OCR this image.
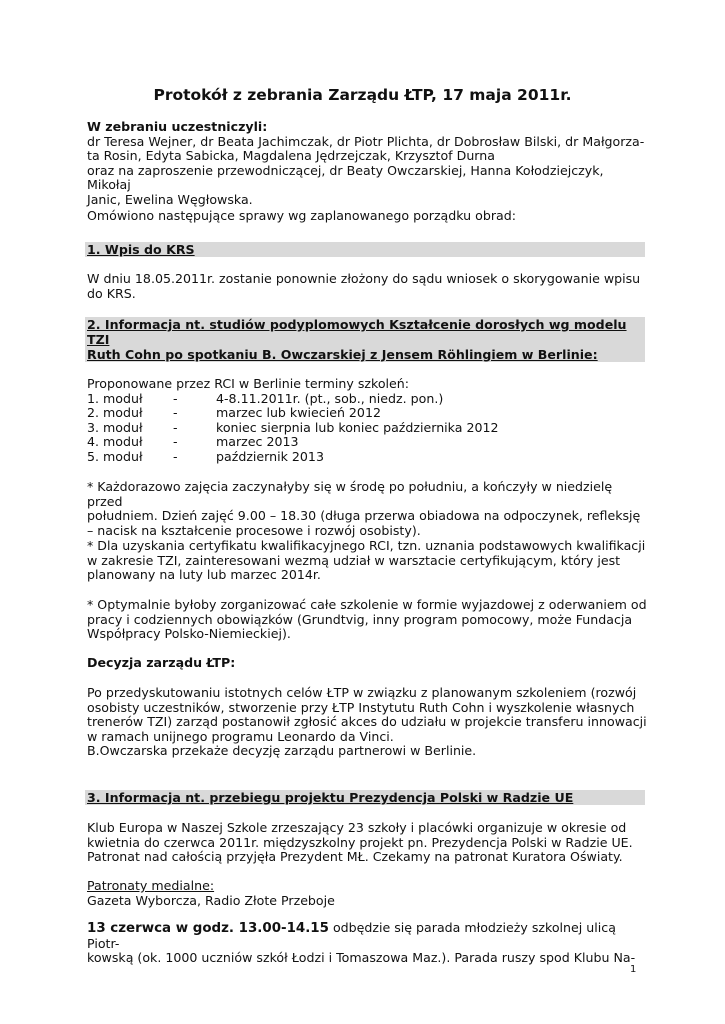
Protokół z zebrania Zarządu ŁTP, 17 maja 2011r.

W zebraniu uczestniczyli:

dr Teresa Wejner, dr Beata Jachimczak, dr Piotr Plichta, dr Dobrosław Bilski, dr Małgorza-

ta Rosin, Edyta Sabicka, Magdalena Jędrzejczak, Krzysztof Durna

oraz na zaproszenie przewodniczącej, dr Beaty Owczarskiej, Hanna Kołodziejczyk, Mikołaj

Janic, Ewelina Węgłowska.

Omówiono następujące sprawy wg zaplanowanego porządku obrad:

1. Wpis do KRS

W dniu 18.05.2011r. zostanie ponownie złożony do sądu wniosek o skorygowanie wpisu

do KRS.

2. Informacja nt. studiów podyplomowych Kształcenie dorosłych wg modelu TZI
Ruth Cohn po spotkaniu B. Owczarskiej z Jensem Röhlingiem w Berlinie:

Proponowane przez RCI w Berlinie terminy szkoleń:

1. moduł	-	4-8.11.2011r. (pt., sob., niedz. pon.)
2. moduł	-	marzec lub kwiecień 2012
3. moduł	-	koniec sierpnia lub koniec października 2012
4. moduł	-	marzec 2013
5. moduł	-	październik 2013

* Każdorazowo zajęcia zaczynałyby się w środę po południu, a kończyły w niedzielę przed

południem. Dzień zajęć 9.00 – 18.30 (długa przerwa obiadowa na odpoczynek, refleksję

– nacisk na kształcenie procesowe i rozwój osobisty).

* Dla uzyskania certyfikatu kwalifikacyjnego RCI, tzn. uznania podstawowych kwalifikacji

w zakresie TZI, zainteresowani wezmą udział w warsztacie certyfikującym, który jest

planowany na luty lub marzec 2014r.

* Optymalnie byłoby zorganizować całe szkolenie w formie wyjazdowej z oderwaniem od

pracy i codziennych obowiązków (Grundtvig, inny program pomocowy, może Fundacja

Współpracy Polsko-Niemieckiej).

Decyzja zarządu ŁTP:

Po przedyskutowaniu istotnych celów ŁTP w związku z planowanym szkoleniem (rozwój

osobisty uczestników, stworzenie przy ŁTP Instytutu Ruth Cohn i wyszkolenie własnych

trenerów TZI) zarząd postanowił zgłosić akces do udziału w projekcie transferu innowacji

w ramach unijnego programu Leonardo da Vinci.

B.Owczarska przekaże decyzję zarządu partnerowi w Berlinie.

3. Informacja nt. przebiegu projektu Prezydencja Polski w Radzie UE

Klub Europa w Naszej Szkole zrzeszający 23 szkoły i placówki organizuje w okresie od

kwietnia do czerwca 2011r. międzyszkolny projekt pn. Prezydencja Polski w Radzie UE.

Patronat nad całością przyjęła Prezydent MŁ. Czekamy na patronat Kuratora Oświaty.

Patronaty medialne:

Gazeta Wyborcza, Radio Złote Przeboje

13 czerwca w godz. 13.00-14.15 odbędzie się parada młodzieży szkolnej ulicą Piotr-

kowską (ok. 1000 uczniów szkół Łodzi i Tomaszowa Maz.). Parada ruszy spod Klubu Na-

1
